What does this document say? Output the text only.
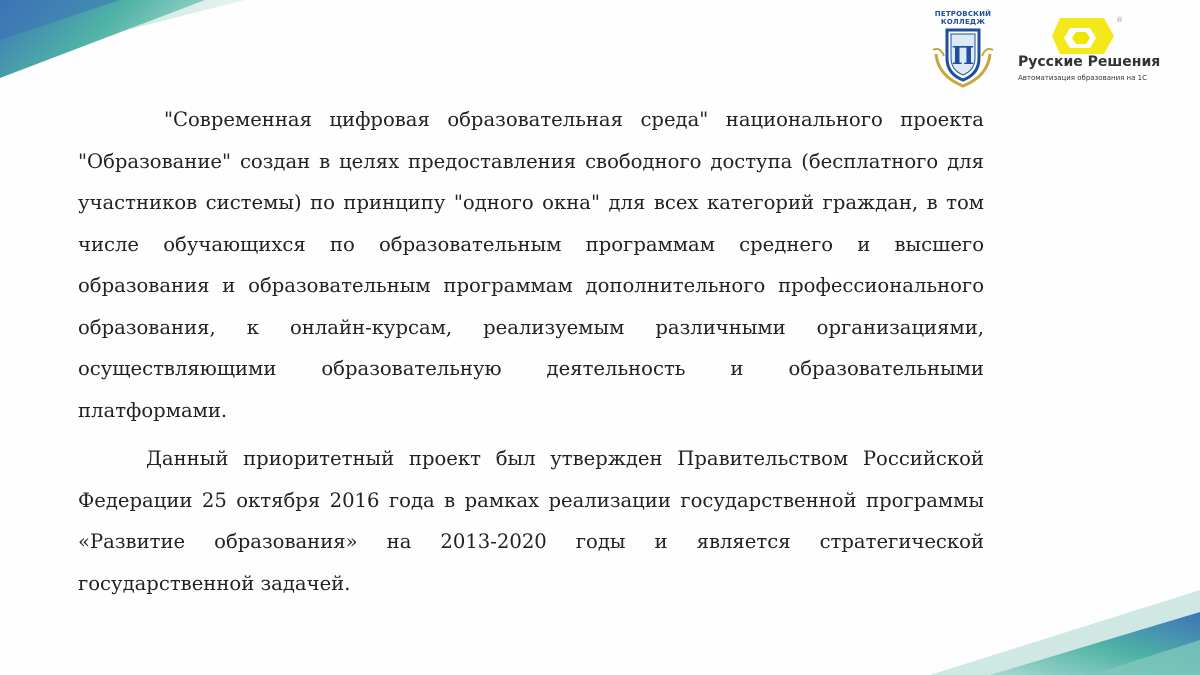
ПЕТРОВСКИЙ
КОЛЛЕДЖ
П
®
Русские Решения
Автоматизация образования на 1С

"Современная цифровая образовательная среда" национального проекта "Образование" создан в целях предоставления свободного доступа (бесплатного для участников системы) по принципу "одного окна" для всех категорий граждан, в том числе обучающихся по образовательным программам среднего и высшего образования и образовательным программам дополнительного профессионального образования, к онлайн-курсам, реализуемым различными организациями, осуществляющими образовательную деятельность и образовательными платформами.

Данный приоритетный проект был утвержден Правительством Российской Федерации 25 октября 2016 года в рамках реализации государственной программы «Развитие образования» на 2013-2020 годы и является стратегической государственной задачей.
